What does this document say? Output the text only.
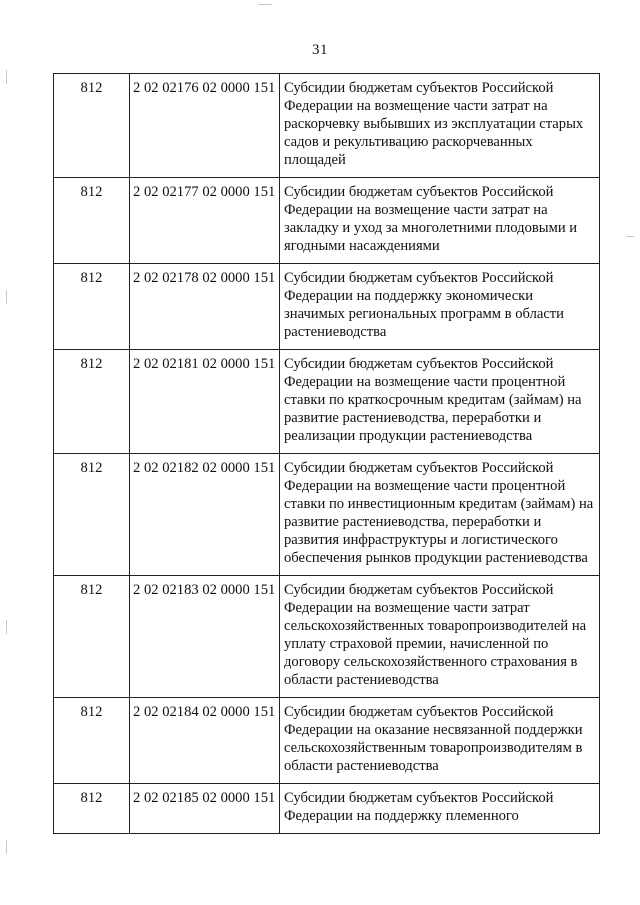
31
812	2 02 02176 02 0000 151	Субсидии бюджетам субъектов Российской Федерации на возмещение части затрат на раскорчевку выбывших из эксплуатации старых садов и рекультивацию раскорчеванных площадей
812	2 02 02177 02 0000 151	Субсидии бюджетам субъектов Российской Федерации на возмещение части затрат на закладку и уход за многолетними плодовыми и ягодными насаждениями
812	2 02 02178 02 0000 151	Субсидии бюджетам субъектов Российской Федерации на поддержку экономически значимых региональных программ в области растениеводства
812	2 02 02181 02 0000 151	Субсидии бюджетам субъектов Российской Федерации на возмещение части процентной ставки по краткосрочным кредитам (займам) на развитие растениеводства, переработки и реализации продукции растениеводства
812	2 02 02182 02 0000 151	Субсидии бюджетам субъектов Российской Федерации на возмещение части процентной ставки по инвестиционным кредитам (займам) на развитие растениеводства, переработки и развития инфраструктуры и логистического обеспечения рынков продукции растениеводства
812	2 02 02183 02 0000 151	Субсидии бюджетам субъектов Российской Федерации на возмещение части затрат сельскохозяйственных товаропроизводителей на уплату страховой премии, начисленной по договору сельскохозяйственного страхования в области растениеводства
812	2 02 02184 02 0000 151	Субсидии бюджетам субъектов Российской Федерации на оказание несвязанной поддержки сельскохозяйственным товаропроизводителям в области растениеводства
812	2 02 02185 02 0000 151	Субсидии бюджетам субъектов Российской Федерации на поддержку племенного
